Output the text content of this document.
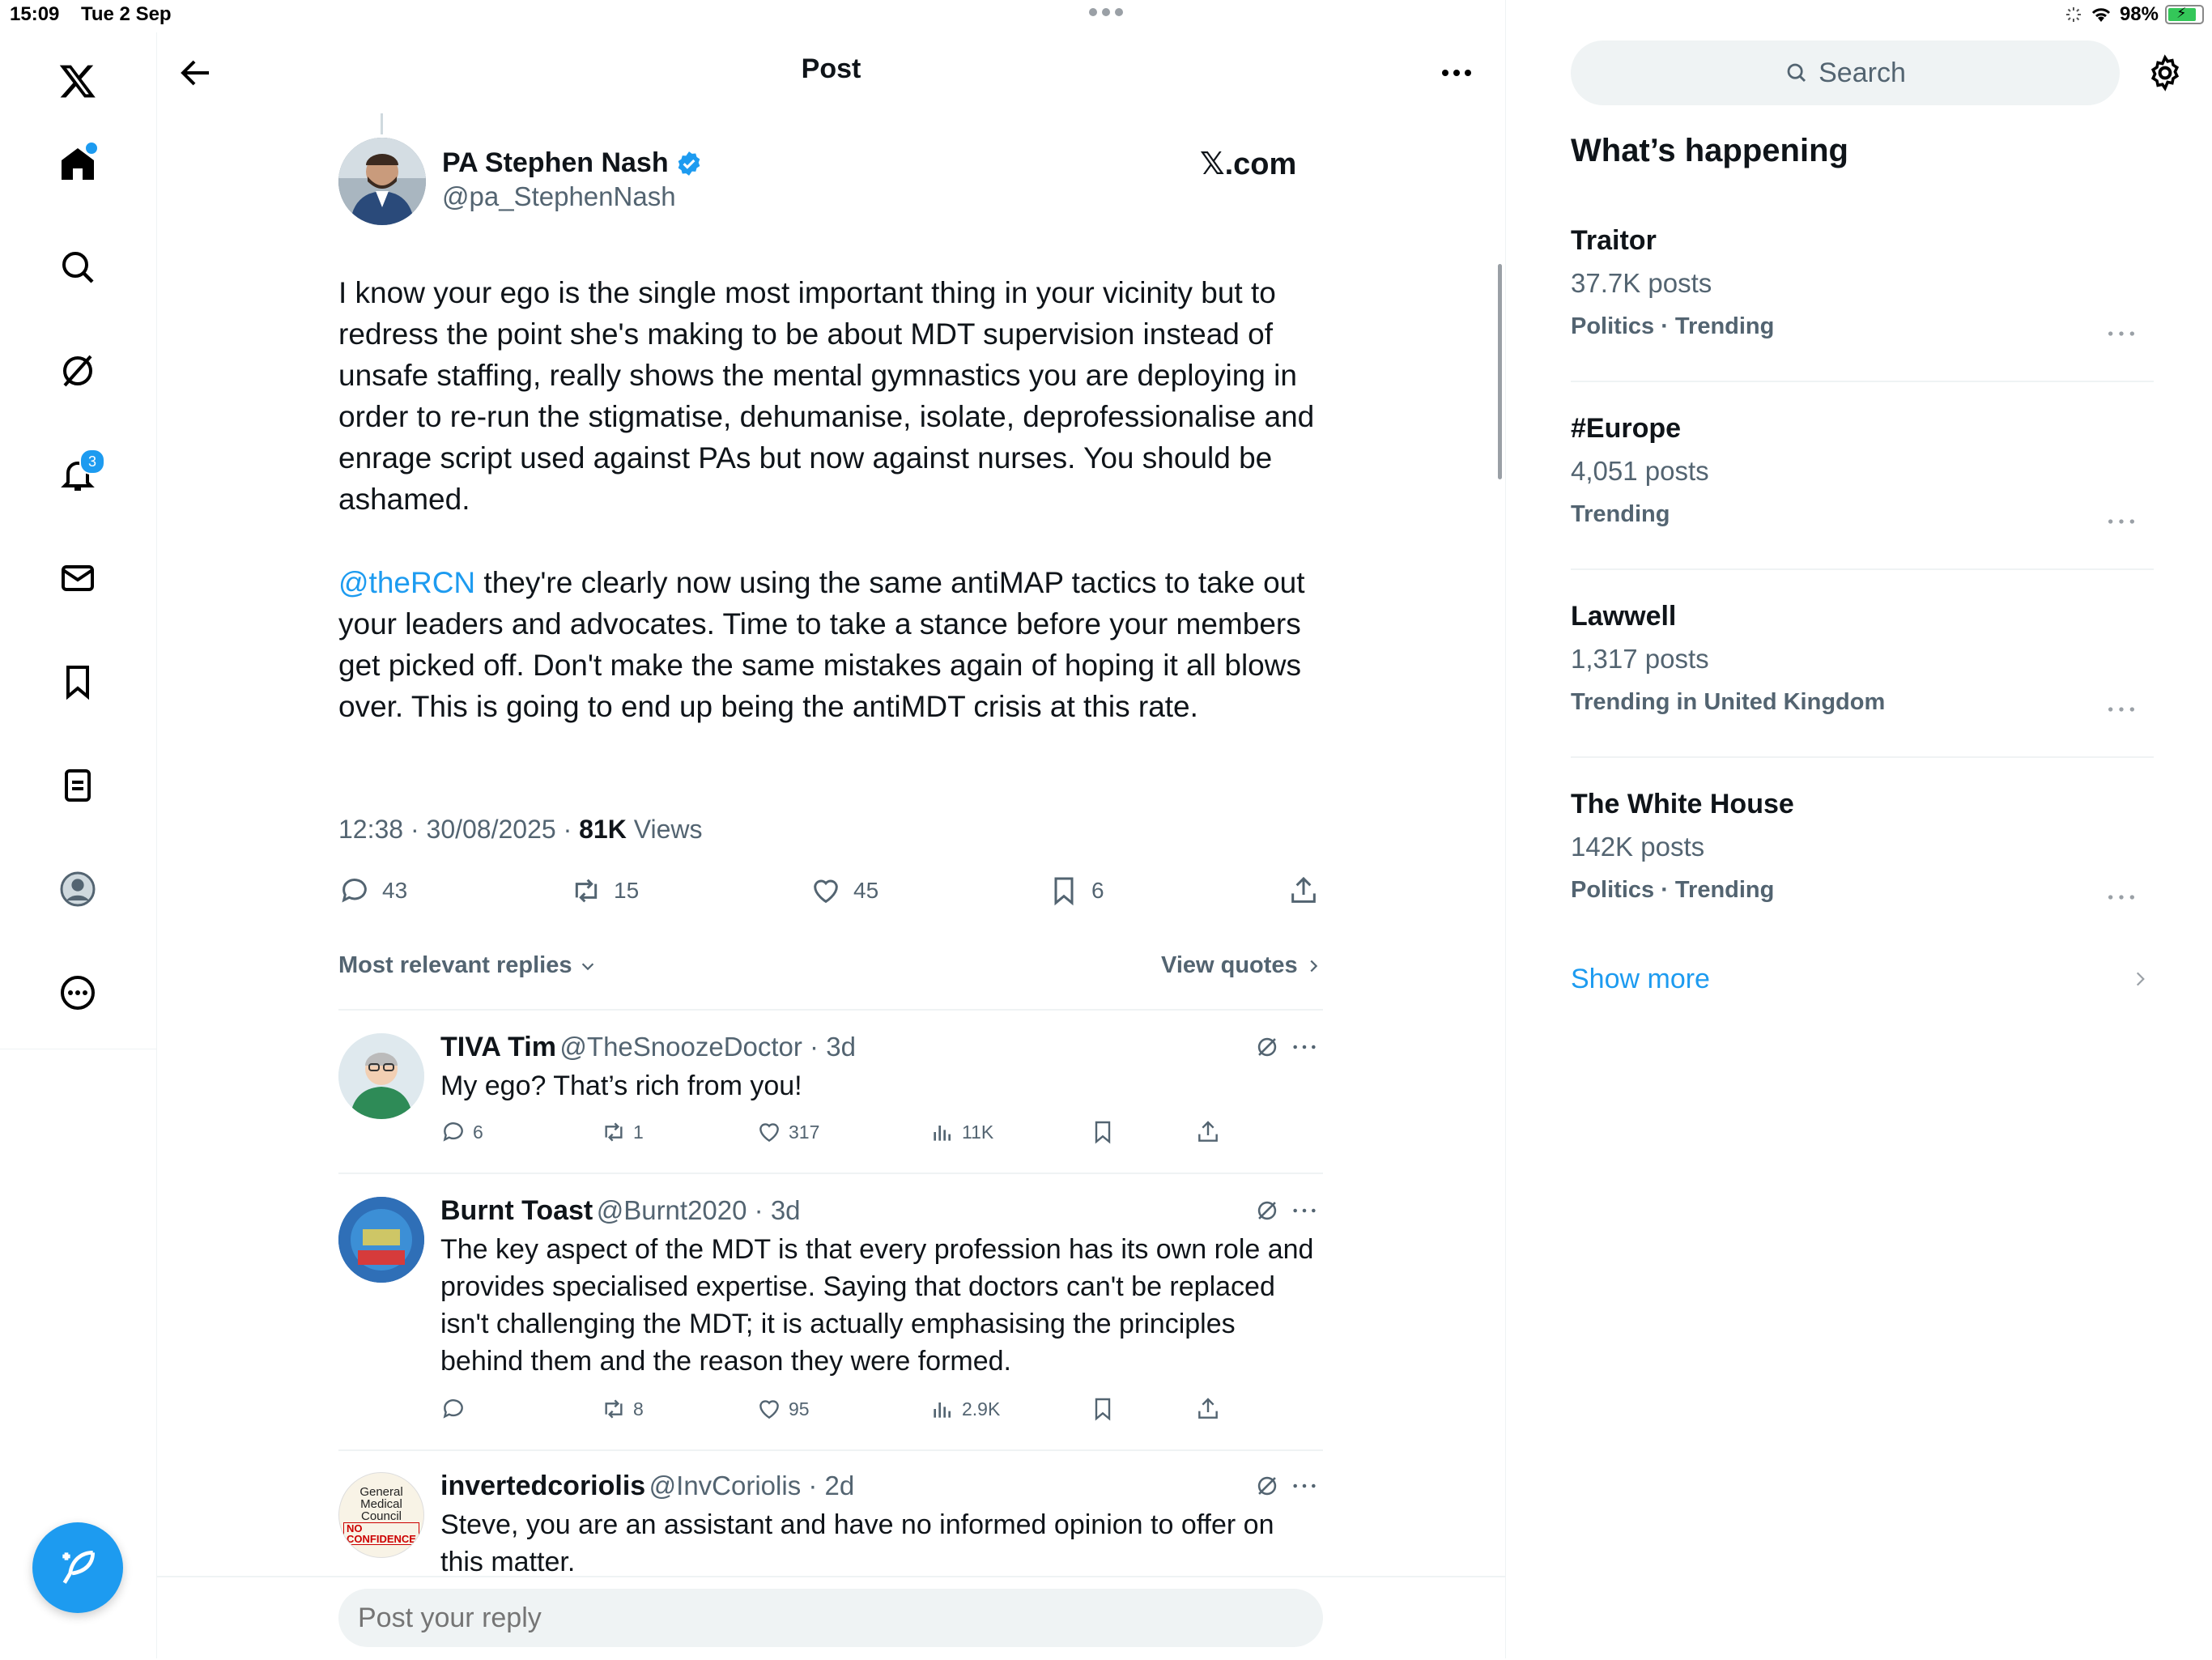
15:09 Tue 2 Sep	98% ⚡
3
Post
PA Stephen Nash
@pa_StephenNash
𝕏.com
I know your ego is the single most important thing in your vicinity but to redress the point she's making to be about MDT supervision instead of unsafe staffing, really shows the mental gymnastics you are deploying in order to re-run the stigmatise, dehumanise, isolate, deprofessionalise and enrage script used against PAs but now against nurses. You should be ashamed.
@theRCN they're clearly now using the same antiMAP tactics to take out your leaders and advocates. Time to take a stance before your members get picked off. Don't make the same mistakes again of hoping it all blows over. This is going to end up being the antiMDT crisis at this rate.
12:38 · 30/08/2025 · 81K Views
43	15	45	6
Most relevant replies	View quotes
TIVA Tim @TheSnoozeDoctor · 3d
My ego? That’s rich from you!
6	1	317	11K
Burnt Toast @Burnt2020 · 3d
The key aspect of the MDT is that every profession has its own role and provides specialised expertise. Saying that doctors can't be replaced isn't challenging the MDT; it is actually emphasising the principles behind them and the reason they were formed.
8	95	2.9K
General
Medical
Council
NO
CONFIDENCE
invertedcoriolis @InvCoriolis · 2d
Steve, you are an assistant and have no informed opinion to offer on this matter.
Post your reply
Search
What’s happening
Traitor
37.7K posts
Politics · Trending
#Europe
4,051 posts
Trending
Lawwell
1,317 posts
Trending in United Kingdom
The White House
142K posts
Politics · Trending
Show more
